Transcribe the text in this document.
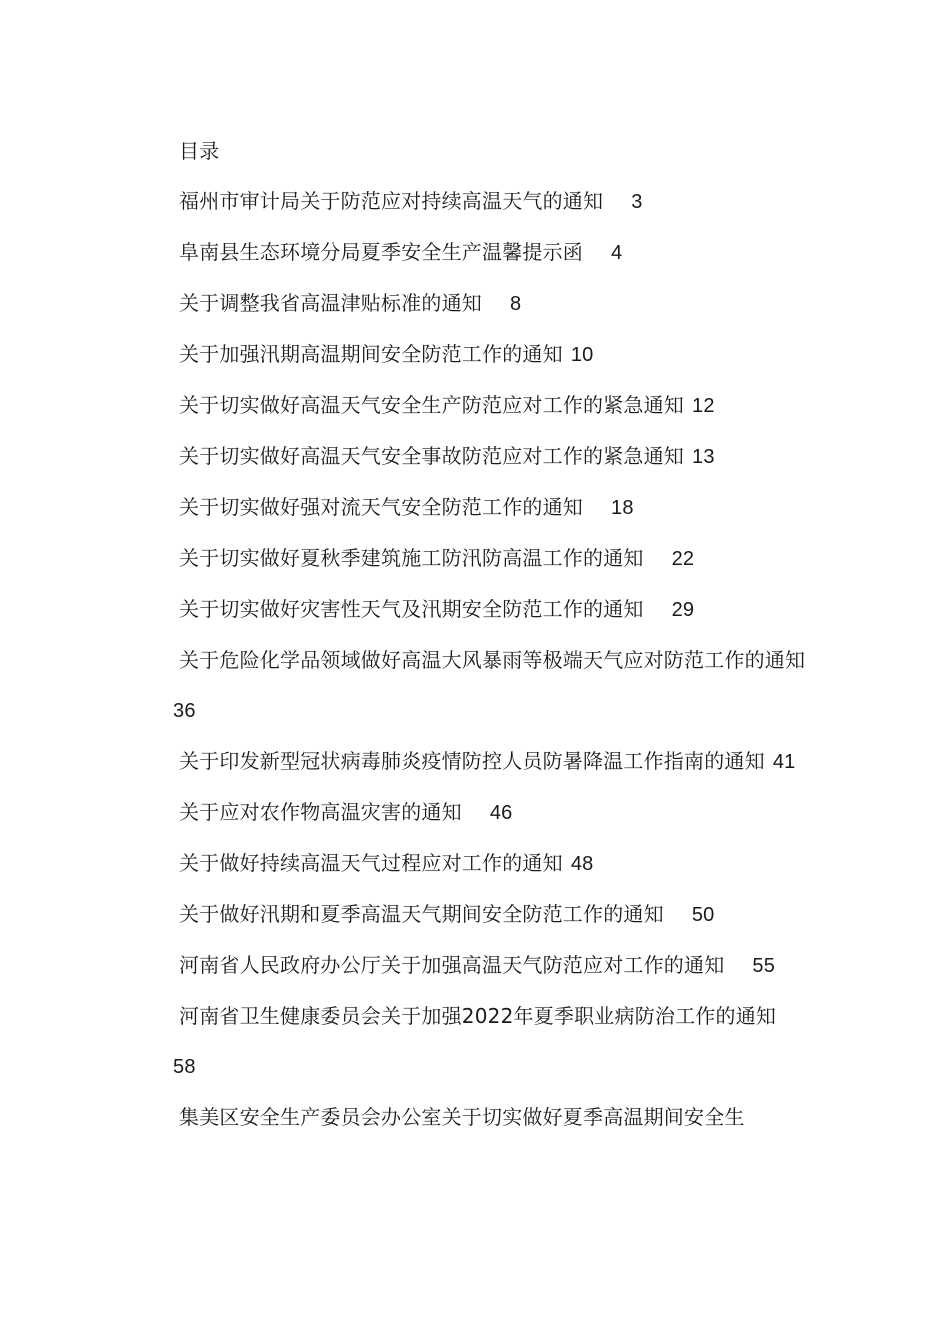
目录
福州市审计局关于防范应对持续高温天气的通知 3
阜南县生态环境分局夏季安全生产温馨提示函 4
关于调整我省高温津贴标准的通知 8
关于加强汛期高温期间安全防范工作的通知 10
关于切实做好高温天气安全生产防范应对工作的紧急通知 12
关于切实做好高温天气安全事故防范应对工作的紧急通知 13
关于切实做好强对流天气安全防范工作的通知 18
关于切实做好夏秋季建筑施工防汛防高温工作的通知 22
关于切实做好灾害性天气及汛期安全防范工作的通知 29
关于危险化学品领域做好高温大风暴雨等极端天气应对防范工作的通知36
关于印发新型冠状病毒肺炎疫情防控人员防暑降温工作指南的通知 41
关于应对农作物高温灾害的通知 46
关于做好持续高温天气过程应对工作的通知 48
关于做好汛期和夏季高温天气期间安全防范工作的通知 50
河南省人民政府办公厅关于加强高温天气防范应对工作的通知 55
河南省卫生健康委员会关于加强2022年夏季职业病防治工作的通知58
集美区安全生产委员会办公室关于切实做好夏季高温期间安全生
